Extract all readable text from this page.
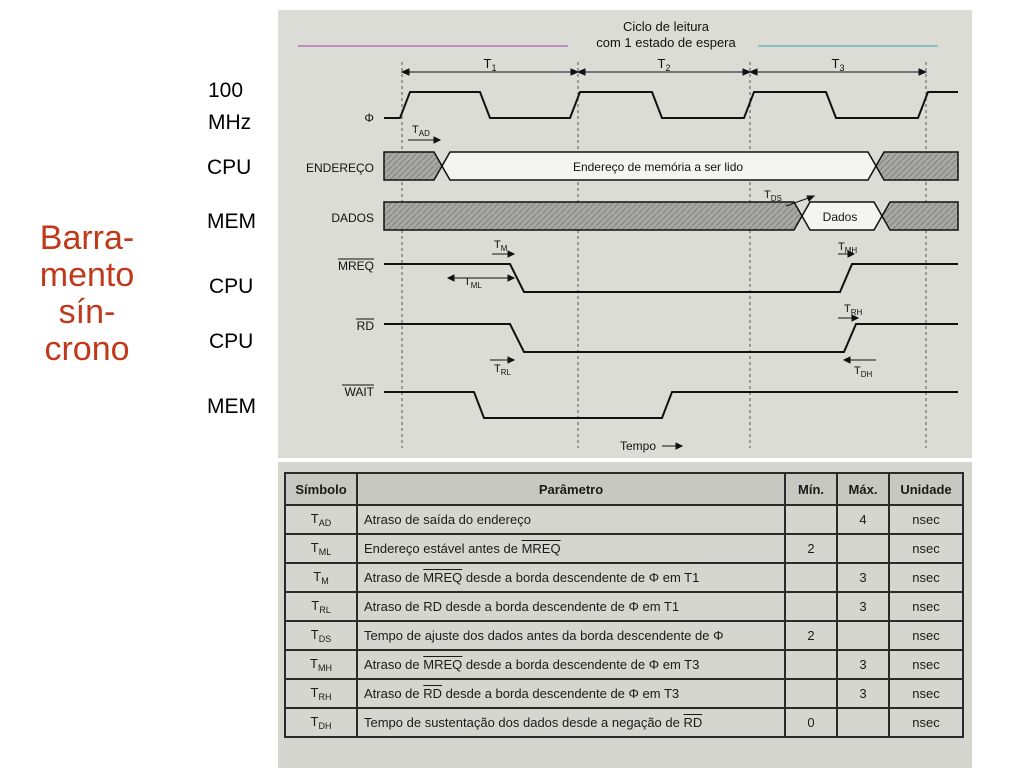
Barra-
mento
sín-
crono
100
MHz
CPU
MEM
CPU
CPU
MEM
Ciclo de leitura
com 1 estado de espera
$T_1$	$T_2$	$T_3$
Φ
ENDEREÇO
DADOS
MREQ
RD
WAIT
Endereço de memória a ser lido
Dados
$T_{AD}$
$T_{DS}$
$T_M$
$T_{ML}$
$T_{MH}$
$T_{RH}$
$T_{RL}$	$T_{DH}$
Tempo
Símbolo	Parâmetro	Mín.	Máx.	Unidade
$T_{AD}$	Atraso de saída do endereço		4	nsec
$T_{ML}$	Endereço estável antes de MREQ	2		nsec
$T_M$	Atraso de MREQ desde a borda descendente de Φ em T1		3	nsec
$T_{RL}$	Atraso de RD desde a borda descendente de Φ em T1		3	nsec
$T_{DS}$	Tempo de ajuste dos dados antes da borda descendente de Φ	2		nsec
$T_{MH}$	Atraso de MREQ desde a borda descendente de Φ em T3		3	nsec
$T_{RH}$	Atraso de $\overline{RD}$ desde a borda descendente de Φ em T3		3	nsec
$T_{DH}$	Tempo de sustentação dos dados desde a negação de $\overline{RD}$	0		nsec
